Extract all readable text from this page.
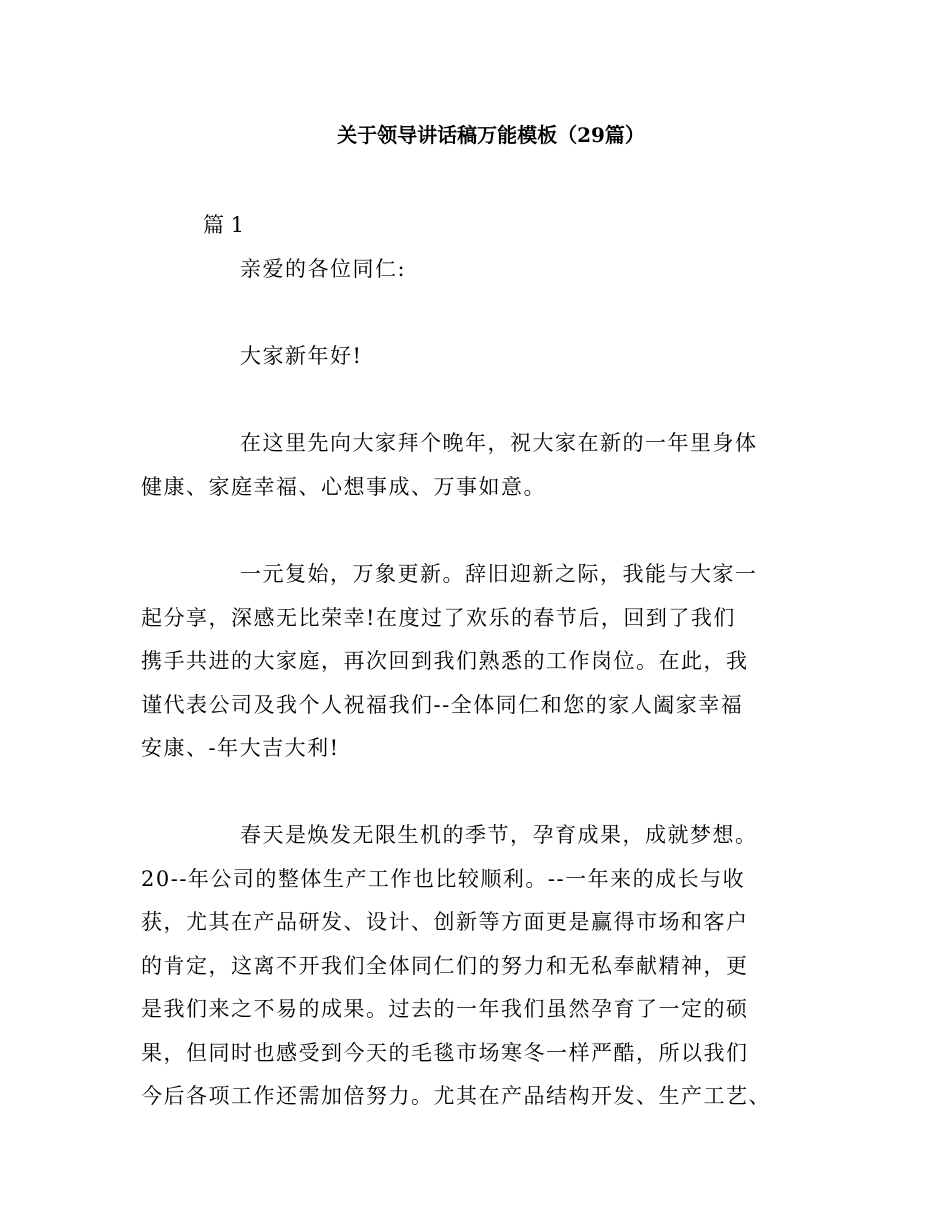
关于领导讲话稿万能模板（29篇）
篇 1
亲爱的各位同仁:
大家新年好!
在这里先向大家拜个晚年，祝大家在新的一年里身体
健康、家庭幸福、心想事成、万事如意。
一元复始，万象更新。辞旧迎新之际，我能与大家一
起分享，深感无比荣幸!在度过了欢乐的春节后，回到了我们
携手共进的大家庭，再次回到我们熟悉的工作岗位。在此，我
谨代表公司及我个人祝福我们--全体同仁和您的家人阖家幸福
安康、-年大吉大利!
春天是焕发无限生机的季节，孕育成果，成就梦想。
20--年公司的整体生产工作也比较顺利。--一年来的成长与收
获，尤其在产品研发、设计、创新等方面更是赢得市场和客户
的肯定，这离不开我们全体同仁们的努力和无私奉献精神，更
是我们来之不易的成果。过去的一年我们虽然孕育了一定的硕
果，但同时也感受到今天的毛毯市场寒冬一样严酷，所以我们
今后各项工作还需加倍努力。尤其在产品结构开发、生产工艺、
